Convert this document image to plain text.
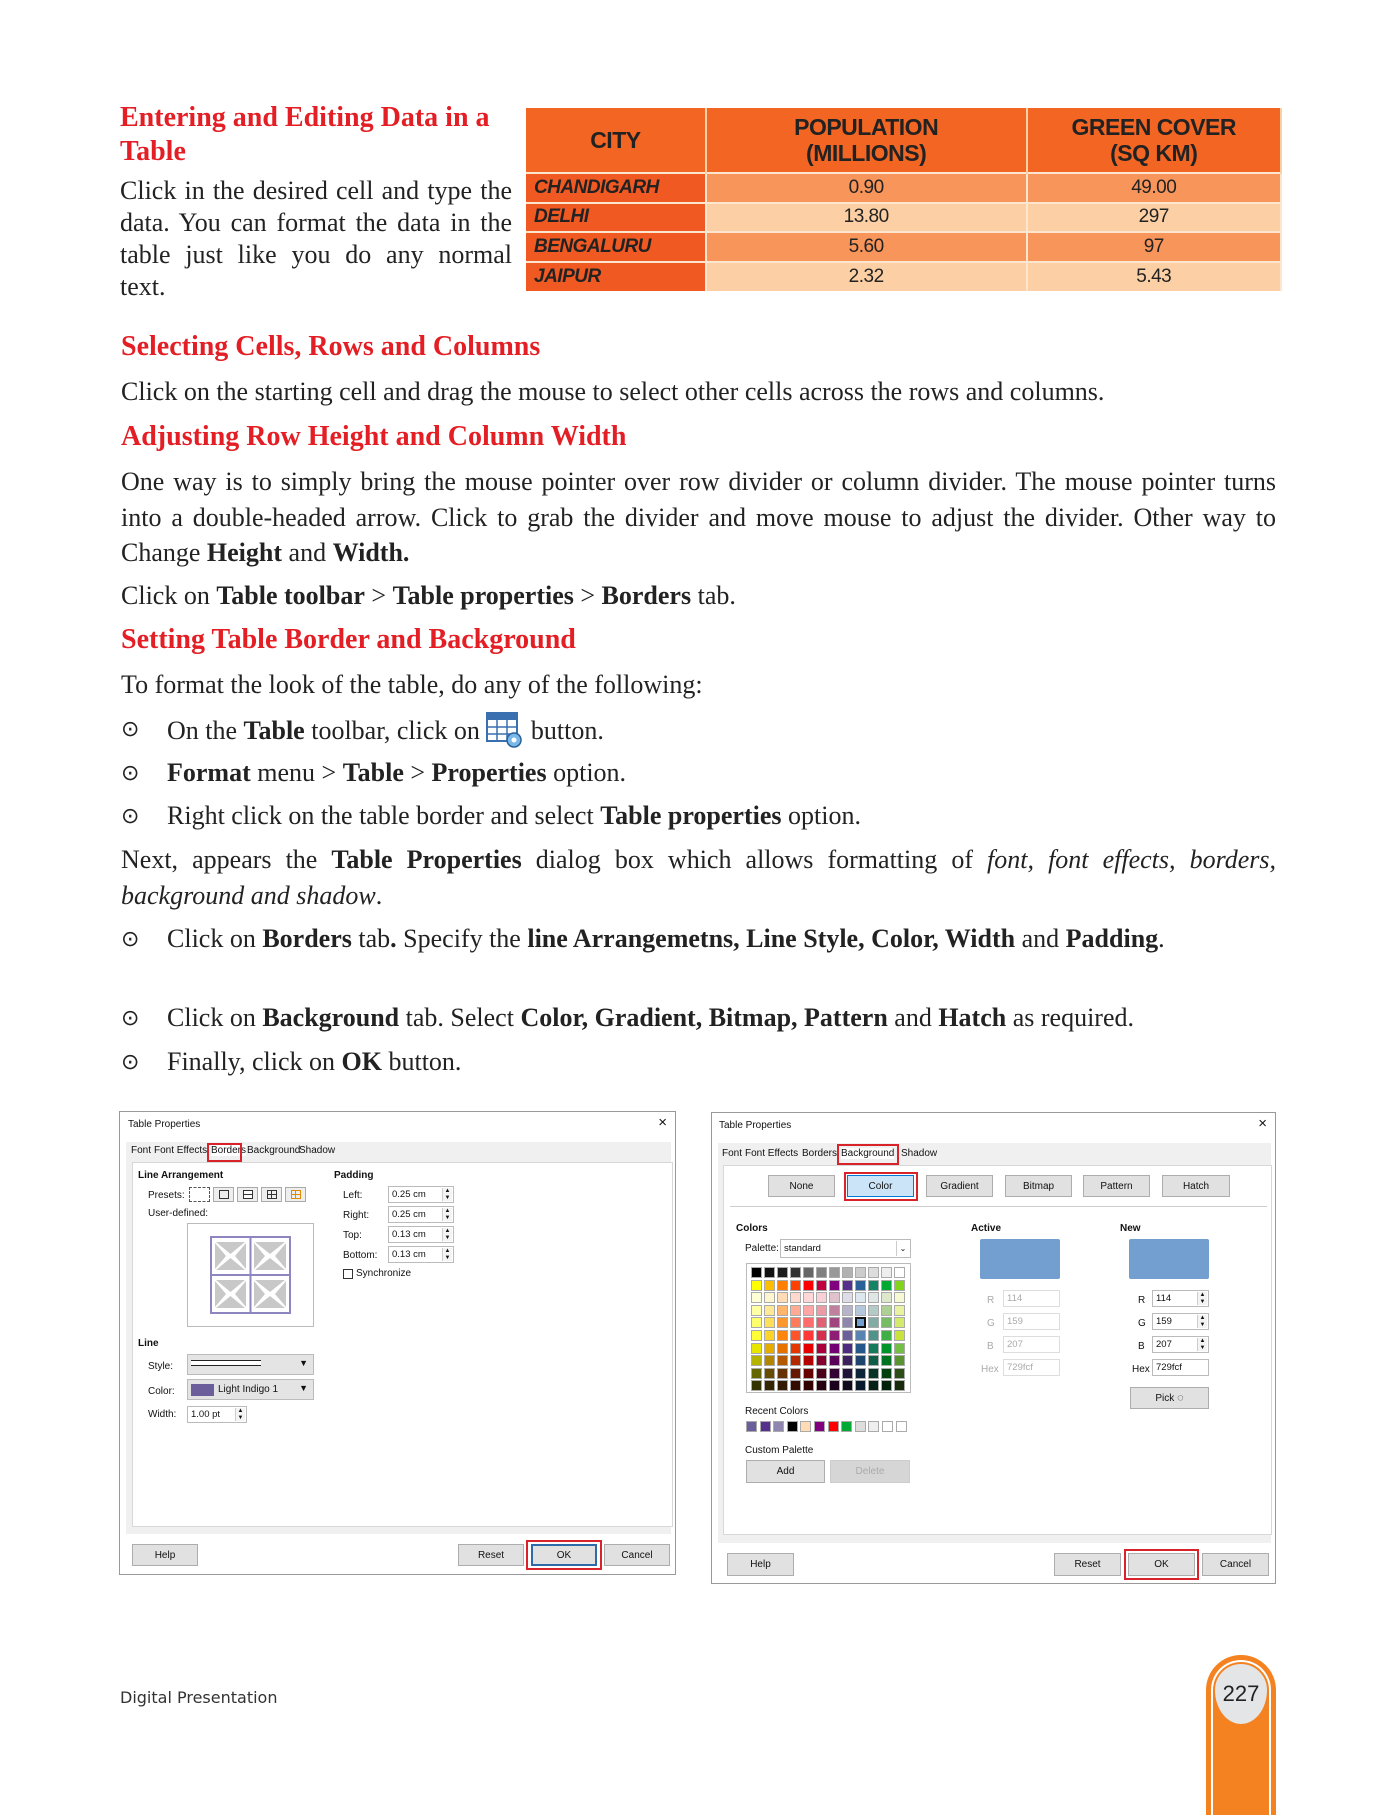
Entering and Editing Data in a Table
Click in the desired cell and type the data. You can format the data in the table just like you do any normal text.
CITY	POPULATION (MILLIONS)	GREEN COVER (SQ KM)
CHANDIGARH	0.90	49.00
DELHI	13.80	297
BENGALURU	5.60	97
JAIPUR	2.32	5.43
Selecting Cells, Rows and Columns
Click on the starting cell and drag the mouse to select other cells across the rows and columns.
Adjusting Row Height and Column Width
One way is to simply bring the mouse pointer over row divider or column divider. The mouse pointer turns into a double-headed arrow. Click to grab the divider and move mouse to adjust the divider. Other way to Change Height and Width.
Click on Table toolbar > Table properties > Borders tab.
Setting Table Border and Background
To format the look of the table, do any of the following:
⊙ On the Table toolbar, click on  button.
⊙ Format menu > Table > Properties option.
⊙ Right click on the table border and select Table properties option.
Next, appears the Table Properties dialog box which allows formatting of font, font effects, borders, background and shadow.
⊙ Click on Borders tab. Specify the line Arrangemetns, Line Style, Color, Width and Padding.
⊙ Click on Background tab. Select Color, Gradient, Bitmap, Pattern and Hatch as required.
⊙ Finally, click on OK button.
Table Properties	×
Font Font Effects Borders Background
Shadow
Line Arrangement
Presets:
User-defined:
Padding
Left:	0.25 cm	▲
▼
Right: 0.25 cm	▲
▼
Top:	0.13 cm	▲
▼
Bottom: 0.13 cm	▲
▼
Synchronize
Line
Style:	▼
Color:	Light Indigo 1 ▼
Width: 1.00 pt	▲
▼
Help	Reset	OK	Cancel
Table Properties	×
Font Font Effects Borders Background Shadow
None	Color	Gradient	Bitmap	Pattern	Hatch
Colors
Palette: standard	⌄
Recent Colors
Custom Palette
Add	Delete
Active
R	114
G	159
B	207
Hex 729fcf
New
R 114	▲
▼
G 159	▲
▼
B 207	▲
▼
Hex 729fcf
Pick
◌
Help	Reset	OK	Cancel
Digital Presentation	227
